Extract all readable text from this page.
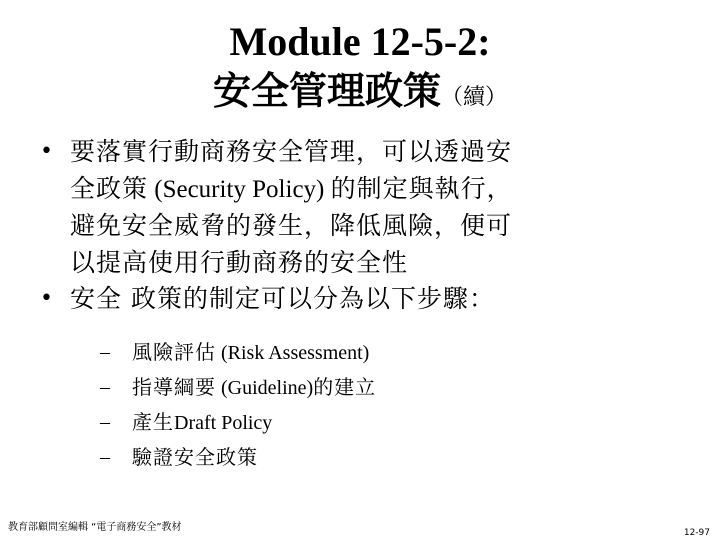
Module 12-5-2:
安全管理政策（續）
• 要落實行動商務安全管理，可以透過安
全政策 (Security Policy) 的制定與執行，
避免安全威脅的發生，降低風險，便可
以提高使用行動商務的安全性
• 安全 政策的制定可以分為以下步驟：
– 風險評估 (Risk Assessment)
– 指導綱要 (Guideline)的建立
– 產生Draft Policy
– 驗證安全政策
教育部顧問室編輯 “電子商務安全”教材	12-97
